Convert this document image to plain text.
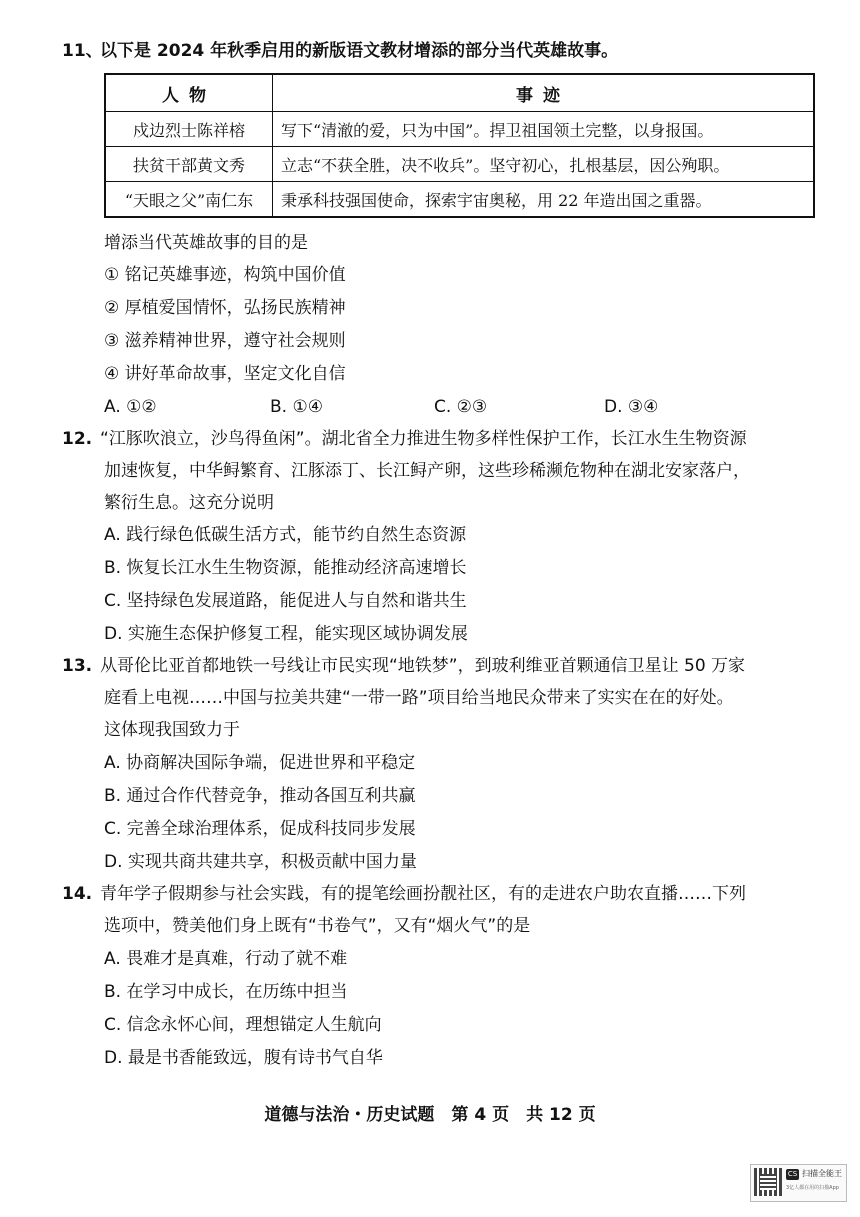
11、
以下是 2024 年秋季启用的新版语文教材增添的部分当代英雄故事。
人物	事迹
戍边烈士陈祥榕	写下“清澈的爱，只为中国”。捍卫祖国领土完整，以身报国。
扶贫干部黄文秀	立志“不获全胜，决不收兵”。坚守初心，扎根基层，因公殉职。
“天眼之父”南仁东	秉承科技强国使命，探索宇宙奥秘，用 22 年造出国之重器。
增添当代英雄故事的目的是
① 铭记英雄事迹，构筑中国价值
② 厚植爱国情怀，弘扬民族精神
③ 滋养精神世界，遵守社会规则
④ 讲好革命故事，坚定文化自信
A. ①②	B. ①④	C. ②③	D. ③④
12. “江豚吹浪立，沙鸟得鱼闲”。湖北省全力推进生物多样性保护工作，长江水生生物资源
加速恢复，中华鲟繁育、江豚添丁、长江鲟产卵，这些珍稀濒危物种在湖北安家落户，
繁衍生息。这充分说明
A. 践行绿色低碳生活方式，能节约自然生态资源
B. 恢复长江水生生物资源，能推动经济高速增长
C. 坚持绿色发展道路，能促进人与自然和谐共生
D. 实施生态保护修复工程，能实现区域协调发展
13. 从哥伦比亚首都地铁一号线让市民实现“地铁梦”，到玻利维亚首颗通信卫星让 50 万家
庭看上电视……中国与拉美共建“一带一路”项目给当地民众带来了实实在在的好处。
这体现我国致力于
A. 协商解决国际争端，促进世界和平稳定
B. 通过合作代替竞争，推动各国互利共赢
C. 完善全球治理体系，促成科技同步发展
D. 实现共商共建共享，积极贡献中国力量
14. 青年学子假期参与社会实践，有的提笔绘画扮靓社区，有的走进农户助农直播……下列
选项中，赞美他们身上既有“书卷气”，又有“烟火气”的是
A. 畏难才是真难，行动了就不难
B. 在学习中成长，在历练中担当
C. 信念永怀心间，理想锚定人生航向
D. 最是书香能致远，腹有诗书气自华
道德与法治・历史试题　第 4 页　共 12 页
CS 扫描全能王
3亿人都在用的扫描App
